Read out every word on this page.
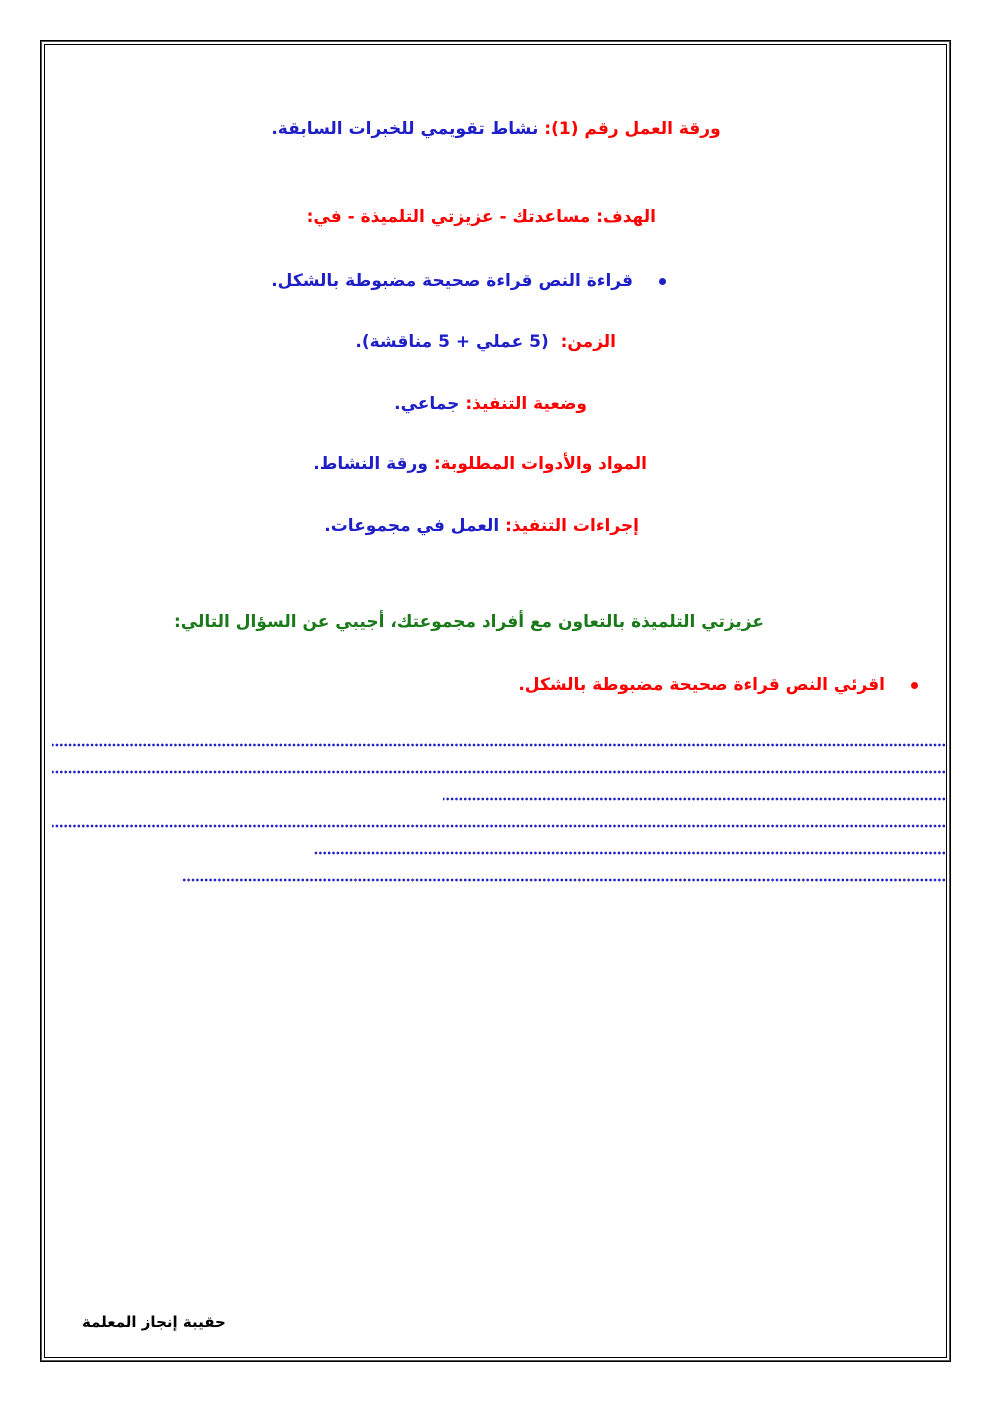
ورقة العمل رقم (1): نشاط تقويمي للخبرات السابقة.
الهدف: مساعدتك - عزيزتي التلميذة - في:
قراءة النص قراءة صحيحة مضبوطة بالشكل.
الزمن:  (5 عملي + 5 مناقشة).
وضعية التنفيذ: جماعي.
المواد والأدوات المطلوبة: ورقة النشاط.
إجراءات التنفيذ: العمل في مجموعات.
عزيزتي التلميذة بالتعاون مع أفراد مجموعتك، أجيبي عن السؤال التالي:
اقرئي النص قراءة صحيحة مضبوطة بالشكل.
حقيبة إنجاز المعلمة
